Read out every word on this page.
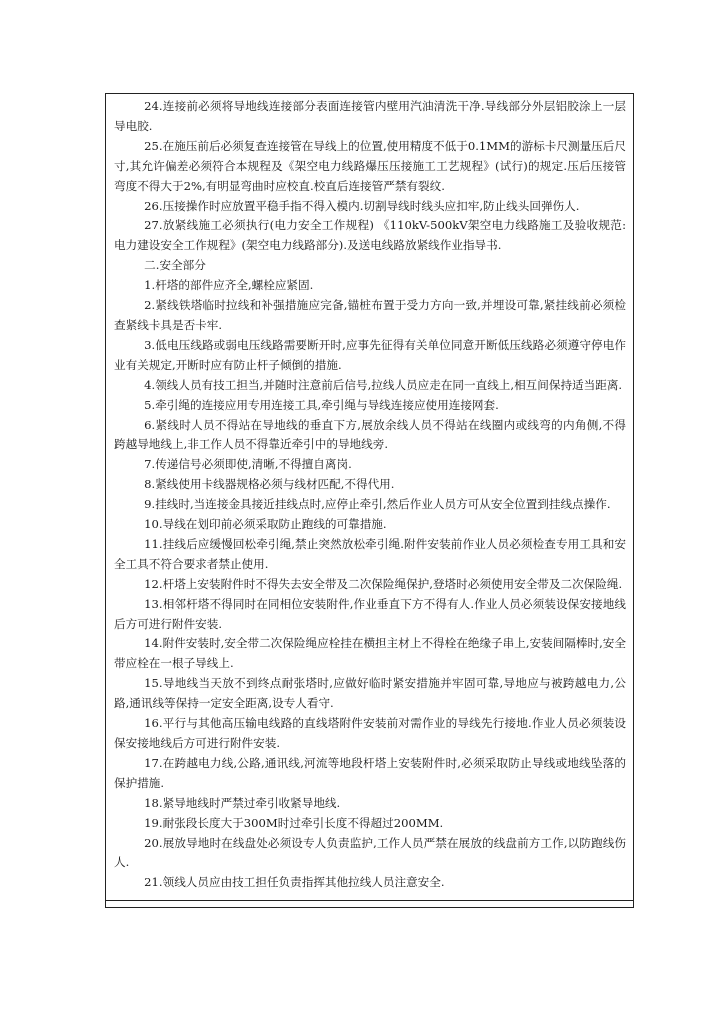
24.连接前必须将导地线连接部分表面连接管内壁用汽油清洗干净.导线部分外层铝胶涂上一层导电胶.

25.在施压前后必须复查连接管在导线上的位置,使用精度不低于0.1MM的游标卡尺测量压后尺寸,其允许偏差必须符合本规程及《架空电力线路爆压压接施工工艺规程》(试行)的规定.压后压接管弯度不得大于2%,有明显弯曲时应校直.校直后连接管严禁有裂纹.

26.压接操作时应放置平稳手指不得入模内.切割导线时线头应扣牢,防止线头回弹伤人.

27.放紧线施工必须执行(电力安全工作规程) 《110kV-500kV架空电力线路施工及验收规范:电力建设安全工作规程》(架空电力线路部分).及送电线路放紧线作业指导书.

二.安全部分

1.杆塔的部件应齐全,螺栓应紧固.

2.紧线铁塔临时拉线和补强措施应完备,锚桩布置于受力方向一致,并埋设可靠,紧挂线前必须检查紧线卡具是否卡牢.

3.低电压线路或弱电压线路需要断开时,应事先征得有关单位同意开断低压线路必须遵守停电作业有关规定,开断时应有防止杆子倾倒的措施.

4.领线人员有技工担当,并随时注意前后信号,拉线人员应走在同一直线上,相互间保持适当距离.

5.牵引绳的连接应用专用连接工具,牵引绳与导线连接应使用连接网套.

6.紧线时人员不得站在导地线的垂直下方,展放余线人员不得站在线圈内或线弯的内角侧,不得跨越导地线上,非工作人员不得靠近牵引中的导地线旁.

7.传递信号必须即使,清晰,不得擅自离岗.

8.紧线使用卡线器规格必须与线材匹配,不得代用.

9.挂线时,当连接金具接近挂线点时,应停止牵引,然后作业人员方可从安全位置到挂线点操作.

10.导线在划印前必须采取防止跑线的可靠措施.

11.挂线后应缓慢回松牵引绳,禁止突然放松牵引绳.附件安装前作业人员必须检查专用工具和安全工具不符合要求者禁止使用.

12.杆塔上安装附件时不得失去安全带及二次保险绳保护,登塔时必须使用安全带及二次保险绳.

13.相邻杆塔不得同时在同相位安装附件,作业垂直下方不得有人.作业人员必须装设保安接地线后方可进行附件安装.

14.附件安装时,安全带二次保险绳应栓挂在横担主材上不得栓在绝缘子串上,安装间隔棒时,安全带应栓在一根子导线上.

15.导地线当天放不到终点耐张塔时,应做好临时紧安措施并牢固可靠,导地应与被跨越电力,公路,通讯线等保持一定安全距离,设专人看守.

16.平行与其他高压输电线路的直线塔附件安装前对需作业的导线先行接地.作业人员必须装设保安接地线后方可进行附件安装.

17.在跨越电力线,公路,通讯线,河流等地段杆塔上安装附件时,必须采取防止导线或地线坠落的保护措施.

18.紧导地线时严禁过牵引收紧导地线.

19.耐张段长度大于300M时过牵引长度不得超过200MM.

20.展放导地时在线盘处必须设专人负责监护,工作人员严禁在展放的线盘前方工作,以防跑线伤人.

21.领线人员应由技工担任负责指挥其他拉线人员注意安全.
